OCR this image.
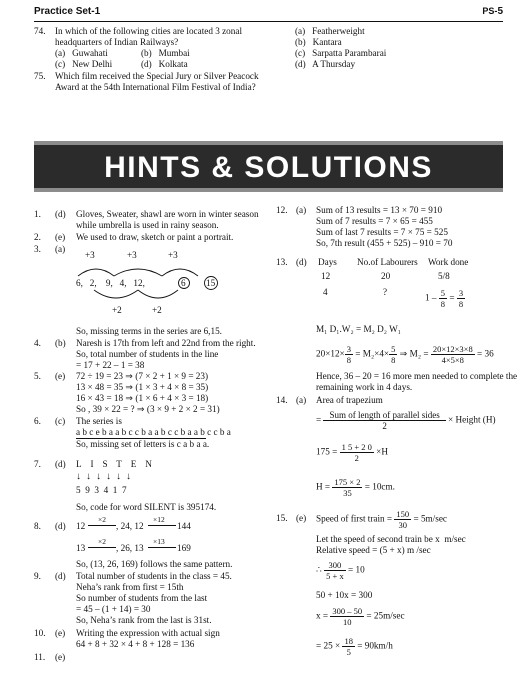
Practice Set-1	PS-5
74. In which of the following cities are located 3 zonal
headquarters of Indian Railways?
(a)   Guwahati	(b)   Mumbai
(c)   New Delhi	(d)   Kolkata
75. Which film received the Special Jury or Silver Peacock
Award at the 54th International Film Festival of India?
(a)   Featherweight
(b)   Kantara
(c)   Sarpatta Parambarai
(d)   A Thursday
HINTS & SOLUTIONS
1. (d) Gloves, Sweater, shawl are worn in winter season
while umbrella is used in rainy season.
2. (e) We used to draw, sketch or paint a portrait.
3. (a)
+3	+3	+3
6,   2,    9,   4,   12,	6 15
+2	+2
So, missing terms in the series are 6,15.
4. (b) Naresh is 17th from left and 22nd from the right.
So, total number of students in the line
= 17 + 22 – 1 = 38
5. (e) 72 ÷ 19 = 23 ⇒ (7 × 2 + 1 × 9 = 23)
13 × 48 = 35 ⇒ (1 × 3 + 4 × 8 = 35)
16 × 43 = 18 ⇒ (1 × 6 + 4 × 3 = 18)
So , 39 × 22 = ? ⇒ (3 × 9 + 2 × 2 = 31)
6. (c) The series is
a b c e b a a b c c b a a b c c b a a b c c b a
So, missing set of letters is c a b a a.
7. (d) L   I   S   T   E   N
↓  ↓  ↓  ↓  ↓  ↓
5  9  3  4  1  7
So, code for word SILENT is 395174.
8. (d) 12
×2
, 24, 12
×12
144
13
×2
, 26, 13
×13
169
So, (13, 26, 169) follows the same pattern.
9. (d) Total number of students in the class = 45.
Neha’s rank from first = 15th
So number of students from the last
= 45 – (1 + 14) = 30
So, Neha’s rank from the last is 31st.
10. (e) Writing the expression with actual sign
64 + 8 + 32 × 4 + 8 + 128 = 136
11. (e)
12. (a) Sum of 13 results = 13 × 70 = 910
Sum of 7 results = 7 × 65 = 455
Sum of last 7 results = 7 × 75 = 525
So, 7th result (455 + 525) – 910 = 70
13. (d) Days No.of Labourers Work done
12	20	5/8
4	?
$1 - \frac{5}{8} = \frac{3}{8}$
M₁ D₁.W₂ = M₂ D₂ W₁
$20\times 12\times \frac{3}{8} = M_2\times 4\times \frac{5}{8}$ ⇒ $M_2 = \frac{20\times 12\times 3\times 8}{4\times 5\times 8} = 36$
Hence, 36 – 20 = 16 more men needed to complete the
remaining work in 4 days.
14. (a) Area of trapezium
= $\frac{\text{Sum of length of parallel sides}}{2}$ × Height (H)
$175 = \frac{1 5 + 2 0}{2} \times H$
$H = \frac{175 \times 2}{35} = 10cm$.
15. (e) Speed of first train = $\frac{150}{30} = 5m/\sec$
Let the speed of second train be x  m/sec
Relative speed = (5 + x) m /sec
∴ $\frac{300}{5 + x} = 10$
50 + 10x = 300
$x = \frac{300 - 50}{10} = 25m/\sec$
= $25 \times \frac{18}{5} = 90km/h$
